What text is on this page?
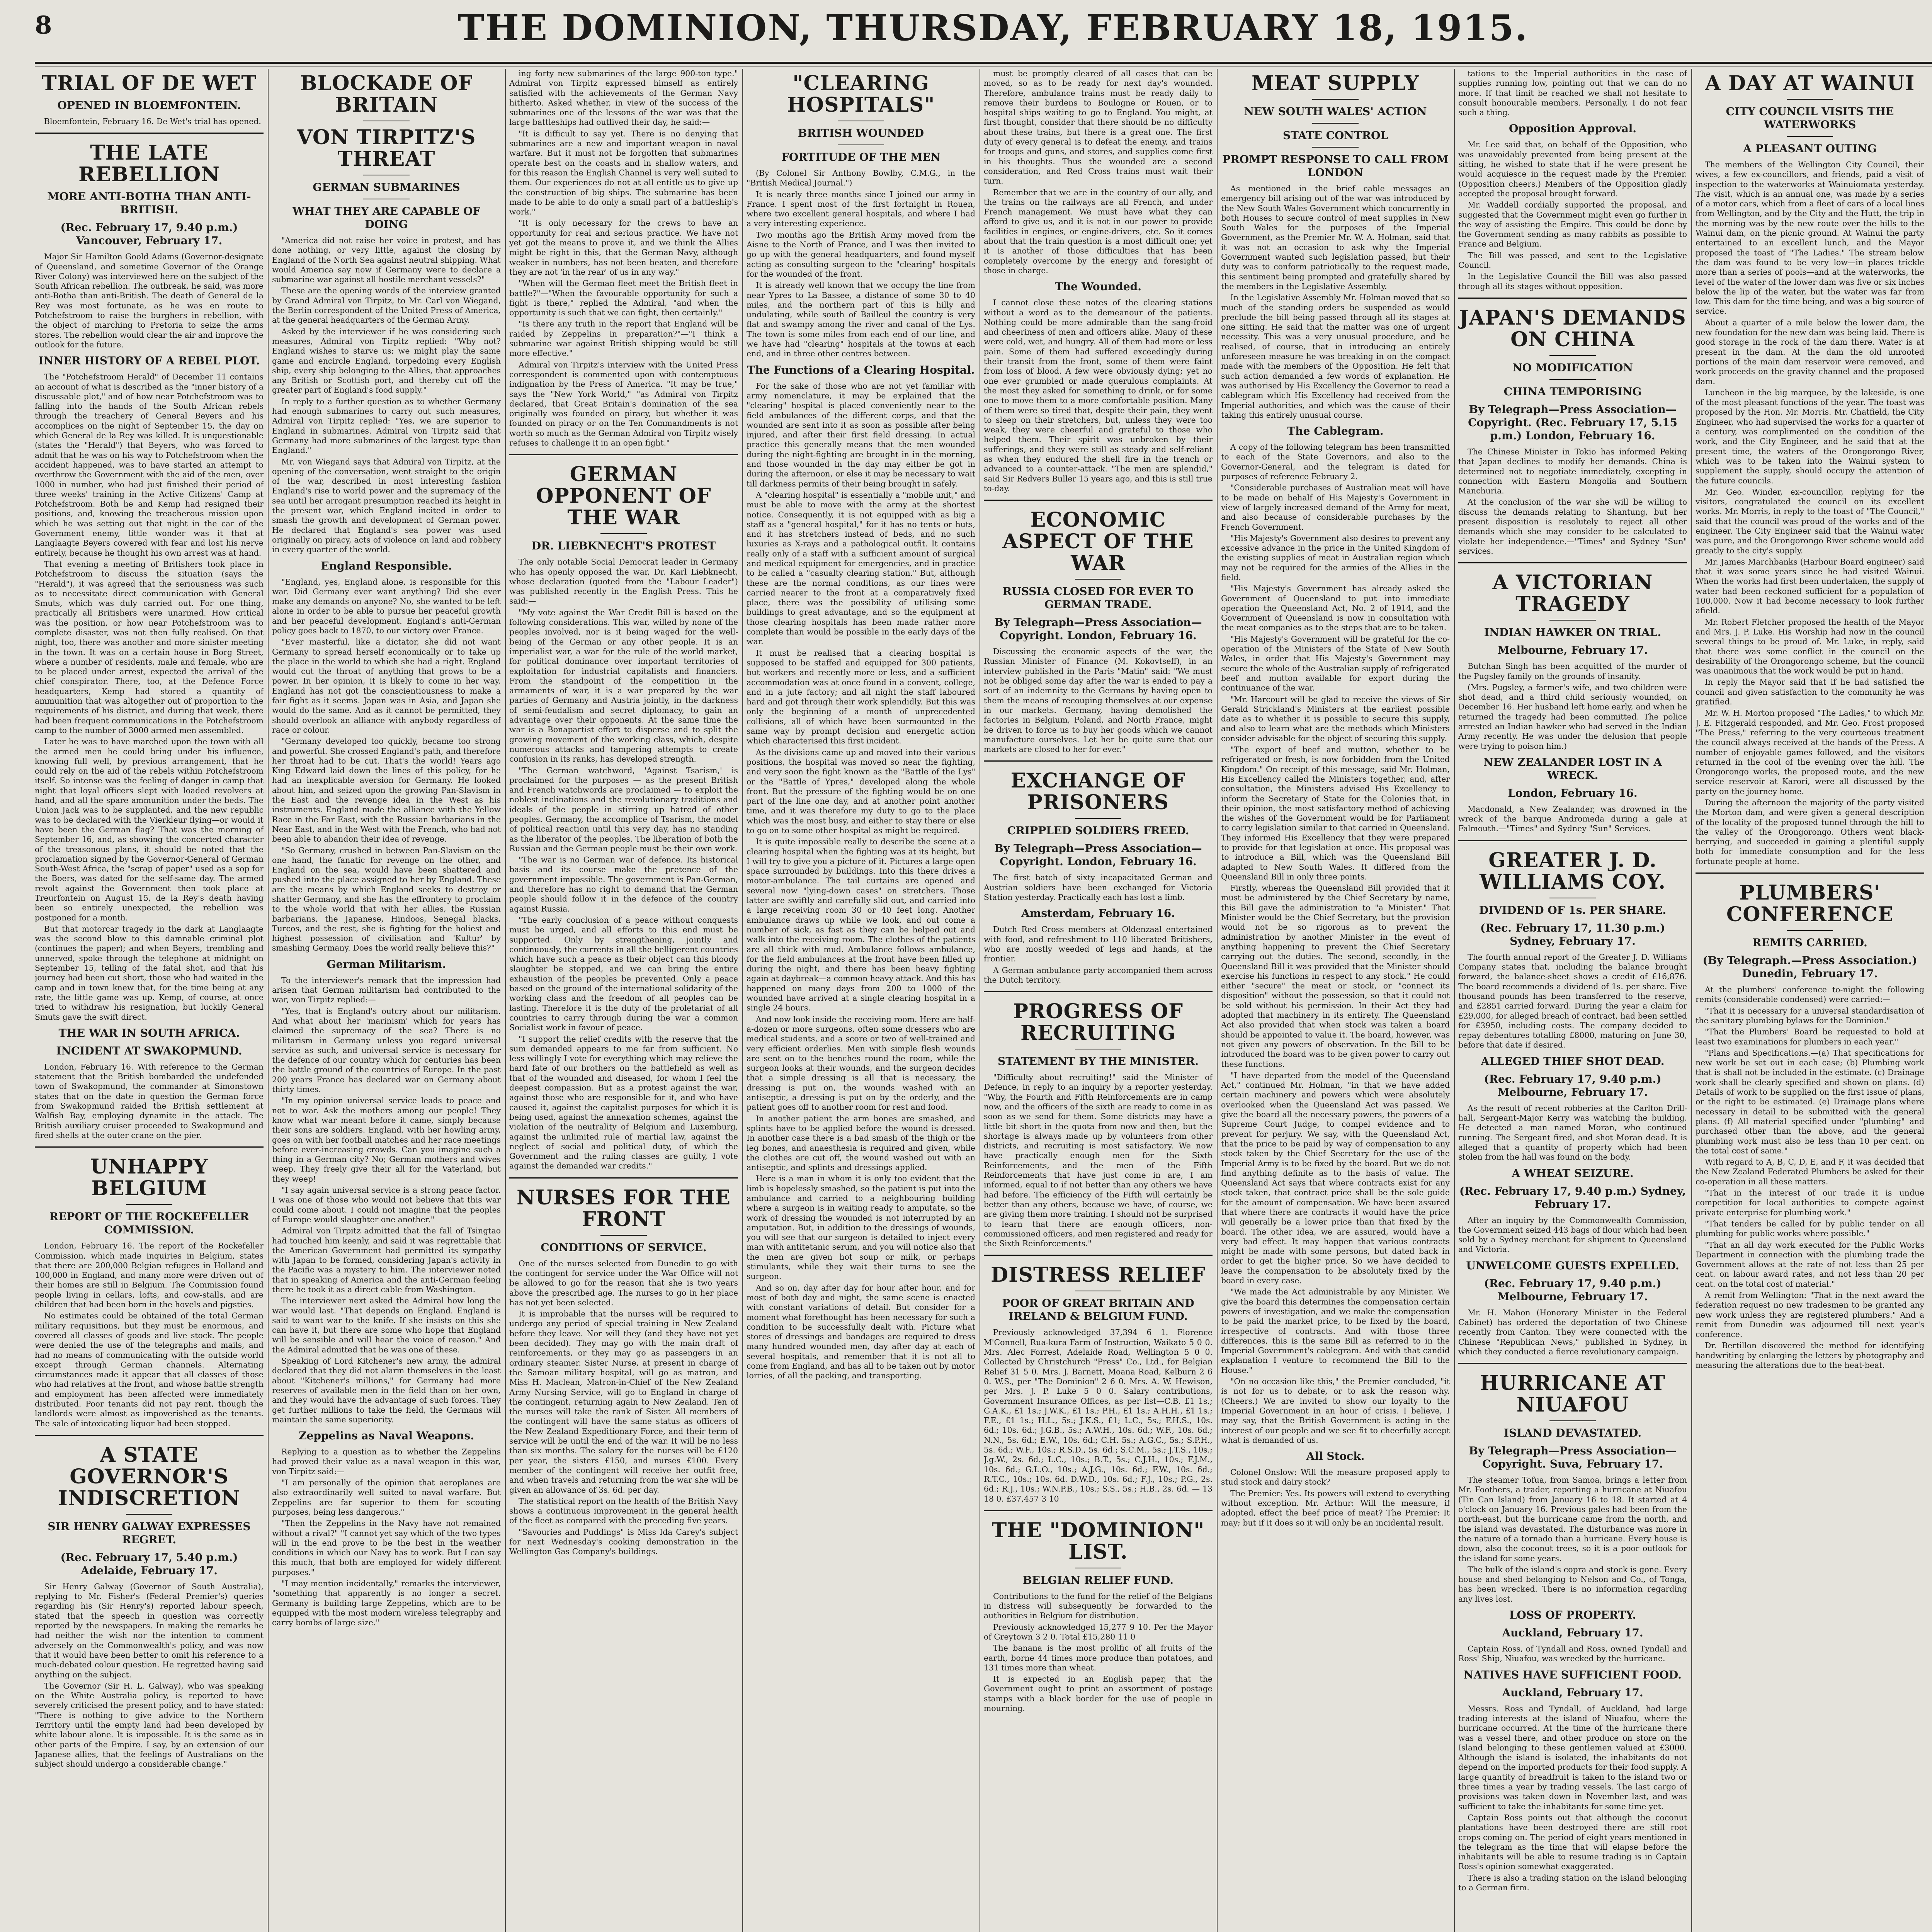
8	THE DOMINION, THURSDAY, FEBRUARY 18, 1915.
TRIAL OF DE WET
OPENED IN BLOEMFONTEIN.
Bloemfontein, February 16. De Wet's trial has opened.
THE LATE REBELLION
MORE ANTI-BOTHA THAN ANTI-BRITISH.
(Rec. February 17, 9.40 p.m.) Vancouver, February 17.
Major Sir Hamilton Goold Adams (Governor-designate of Queensland, and sometime Governor of the Orange River Colony) was interviewed here on the subject of the South African rebellion. The outbreak, he said, was more anti-Botha than anti-British. The death of General de la Rey was most fortunate, as he was en route to Potchefstroom to raise the burghers in rebellion, with the object of marching to Pretoria to seize the arms stores. The rebellion would clear the air and improve the outlook for the future.
INNER HISTORY OF A REBEL PLOT.
The "Potchefstroom Herald" of December 11 contains an account of what is described as the "inner history of a discussable plot," and of how near Potchefstroom was to falling into the hands of the South African rebels through the treachery of General Beyers and his accomplices on the night of September 15, the day on which General de la Rey was killed. It is unquestionable (states the "Herald") that Beyers, who was forced to admit that he was on his way to Potchefstroom when the accident happened, was to have started an attempt to overthrow the Government with the aid of the men, over 1000 in number, who had just finished their period of three weeks' training in the Active Citizens' Camp at Potchefstroom. Both he and Kemp had resigned their positions, and, knowing the treacherous mission upon which he was setting out that night in the car of the Government enemy, little wonder was it that at Langlaagte Beyers cowered with fear and lost his nerve entirely, because he thought his own arrest was at hand.
That evening a meeting of Britishers took place in Potchefstroom to discuss the situation (says the "Herald"), it was agreed that the seriousness was such as to necessitate direct communication with General Smuts, which was duly carried out. For one thing, practically all Britishers were unarmed. How critical was the position, or how near Potchefstroom was to complete disaster, was not then fully realised. On that night, too, there was another and more sinister meeting in the town. It was on a certain house in Borg Street, where a number of residents, male and female, who are to be placed under arrest, expected the arrival of the chief conspirator. There, too, at the Defence Force headquarters, Kemp had stored a quantity of ammunition that was altogether out of proportion to the requirements of his district, and during that week, there had been frequent communications in the Potchefstroom camp to the number of 3000 armed men assembled.
Later he was to have marched upon the town with all the armed men he could bring under his influence, knowing full well, by previous arrangement, that he could rely on the aid of the rebels within Potchefstroom itself. So intense was the feeling of danger in camp that night that loyal officers slept with loaded revolvers at hand, and all the spare ammunition under the beds. The Union Jack was to be supplanted, and the new republic was to be declared with the Vierkleur flying—or would it have been the German flag? That was the morning of September 16, and, as showing the concerted character of the treasonous plans, it should be noted that the proclamation signed by the Governor-General of German South-West Africa, the "scrap of paper" used as a sop for the Boers, was dated for the self-same day. The armed revolt against the Government then took place at Treurfontein on August 15, de la Rey's death having been so entirely unexpected, the rebellion was postponed for a month.
But that motorcar tragedy in the dark at Langlaagte was the second blow to this damnable criminal plot (continues the paper); and when Beyers, trembling and unnerved, spoke through the telephone at midnight on September 15, telling of the fatal shot, and that his journey had been cut short, those who had waited in the camp and in town knew that, for the time being at any rate, the little game was up. Kemp, of course, at once tried to withdraw his resignation, but luckily General Smuts gave the swift direct.
THE WAR IN SOUTH AFRICA.
INCIDENT AT SWAKOPMUND.
London, February 16. With reference to the German statement that the British bombarded the undefended town of Swakopmund, the commander at Simonstown states that on the date in question the German force from Swakopmund raided the British settlement at Walfish Bay, employing dynamite in the attack. The British auxiliary cruiser proceeded to Swakopmund and fired shells at the outer crane on the pier.
UNHAPPY BELGIUM
REPORT OF THE ROCKEFELLER COMMISSION.
London, February 16. The report of the Rockefeller Commission, which made inquiries in Belgium, states that there are 200,000 Belgian refugees in Holland and 100,000 in England, and many more were driven out of their homes are still in Belgium. The Commission found people living in cellars, lofts, and cow-stalls, and are children that had been born in the hovels and pigsties.
No estimates could be obtained of the total German military requisitions, but they must be enormous, and covered all classes of goods and live stock. The people were denied the use of the telegraphs and mails, and had no means of communicating with the outside world except through German channels. Alternating circumstances made it appear that all classes of those who had relatives at the front, and whose battle strength and employment has been affected were immediately distributed. Poor tenants did not pay rent, though the landlords were almost as impoverished as the tenants. The sale of intoxicating liquor had been stopped.
A STATE GOVERNOR'S INDISCRETION
SIR HENRY GALWAY EXPRESSES REGRET.
(Rec. February 17, 5.40 p.m.) Adelaide, February 17.
Sir Henry Galway (Governor of South Australia), replying to Mr. Fisher's (Federal Premier's) queries regarding his (Sir Henry's) reported labour speech, stated that the speech in question was correctly reported by the newspapers. In making the remarks he had neither the wish nor the intention to comment adversely on the Commonwealth's policy, and was now that it would have been better to omit his reference to a much-debated colour question. He regretted having said anything on the subject.
The Governor (Sir H. L. Galway), who was speaking on the White Australia policy, is reported to have severely criticised the present policy, and to have stated: "There is nothing to give advice to the Northern Territory until the empty land had been developed by white labour alone. It is impossible. It is the same as in other parts of the Empire. I say, by an extension of our Japanese allies, that the feelings of Australians on the subject should undergo a considerable change."
BLOCKADE OF BRITAIN
VON TIRPITZ'S THREAT
GERMAN SUBMARINES
WHAT THEY ARE CAPABLE OF DOING
"America did not raise her voice in protest, and has done nothing, or very little, against the closing by England of the North Sea against neutral shipping. What would America say now if Germany were to declare a submarine war against all hostile merchant vessels?"
These are the opening words of the interview granted by Grand Admiral von Tirpitz, to Mr. Carl von Wiegand, the Berlin correspondent of the United Press of America, at the general headquarters of the German Army.
Asked by the interviewer if he was considering such measures, Admiral von Tirpitz replied: "Why not? England wishes to starve us; we might play the same game and encircle England, torpedoing every English ship, every ship belonging to the Allies, that approaches any British or Scottish port, and thereby cut off the greater part of England's food supply."
In reply to a further question as to whether Germany had enough submarines to carry out such measures, Admiral von Tirpitz replied: "Yes, we are superior to England in submarines. Admiral von Tirpitz said that Germany had more submarines of the largest type than England."
Mr. von Wiegand says that Admiral von Tirpitz, at the opening of the conversation, went straight to the origin of the war, described in most interesting fashion England's rise to world power and the supremacy of the sea until her arrogant presumption reached its height in the present war, which England incited in order to smash the growth and development of German power. He declared that England's sea power was used originally on piracy, acts of violence on land and robbery in every quarter of the world.
England Responsible.
"England, yes, England alone, is responsible for this war. Did Germany ever want anything? Did she ever make any demands on anyone? No, she wanted to be left alone in order to be able to pursue her peaceful growth and her peaceful development. England's anti-German policy goes back to 1870, to our victory over France.
"Ever masterful, like a dictator, she did not want Germany to spread herself economically or to take up the place in the world to which she had a right. England would cut the throat of anything that grows to be a power. In her opinion, it is likely to come in her way. England has not got the conscientiousness to make a fair fight as it seems. Japan was in Asia, and Japan she would do the same. And as it cannot be permitted, they should overlook an alliance with anybody regardless of race or colour.
"Germany developed too quickly, became too strong and powerful. She crossed England's path, and therefore her throat had to be cut. That's the world! Years ago King Edward laid down the lines of this policy, for he had an inexplicable aversion for Germany. He looked about him, and seized upon the growing Pan-Slavism in the East and the revenge idea in the West as his instruments. England made the alliance with the Yellow Race in the Far East, with the Russian barbarians in the Near East, and in the West with the French, who had not been able to abandon their idea of revenge.
"So Germany, crushed in between Pan-Slavism on the one hand, the fanatic for revenge on the other, and England on the sea, would have been shattered and pushed into the place assigned to her by England. These are the means by which England seeks to destroy or shatter Germany, and she has the effrontery to proclaim to the whole world that with her allies, the Russian barbarians, the Japanese, Hindoos, Senegal blacks, Turcos, and the rest, she is fighting for the holiest and highest possession of civilisation and 'Kultur' by smashing Germany. Does the world really believe this?"
German Militarism.
To the interviewer's remark that the impression had arisen that German militarism had contributed to the war, von Tirpitz replied:—
"Yes, that is England's outcry about our militarism. And what about her 'marinism' which for years has claimed the supremacy of the sea? There is no militarism in Germany unless you regard universal service as such, and universal service is necessary for the defence of our country which for centuries has been the battle ground of the countries of Europe. In the past 200 years France has declared war on Germany about thirty times.
"In my opinion universal service leads to peace and not to war. Ask the mothers among our people! They know what war meant before it came, simply because their sons are soldiers. England, with her howling army, goes on with her football matches and her race meetings before ever-increasing crowds. Can you imagine such a thing in a German city? No; German mothers and wives weep. They freely give their all for the Vaterland, but they weep!
"I say again universal service is a strong peace factor. I was one of those who would not believe that this war could come about. I could not imagine that the peoples of Europe would slaughter one another."
Admiral von Tirpitz admitted that the fall of Tsingtao had touched him keenly, and said it was regrettable that the American Government had permitted its sympathy with Japan to be formed, considering Japan's activity in the Pacific was a mystery to him. The interviewer noted that in speaking of America and the anti-German feeling there he took it as a direct cable from Washington.
The interviewer next asked the Admiral how long the war would last. "That depends on England. England is said to want war to the knife. If she insists on this she can have it, but there are some who hope that England will be sensible and will hear the voice of reason." And the Admiral admitted that he was one of these.
Speaking of Lord Kitchener's new army, the admiral declared that they did not alarm themselves in the least about "Kitchener's millions," for Germany had more reserves of available men in the field than on her own, and they would have the advantage of such forces. They get further millions to take the field, the Germans will maintain the same superiority.
Zeppelins as Naval Weapons.
Replying to a question as to whether the Zeppelins had proved their value as a naval weapon in this war, von Tirpitz said:—
"I am personally of the opinion that aeroplanes are also extraordinarily well suited to naval warfare. But Zeppelins are far superior to them for scouting purposes, being less dangerous."
"Then the Zeppelins in the Navy have not remained without a rival?" "I cannot yet say which of the two types will in the end prove to be the best in the weather conditions in which our Navy has to work. But I can say this much, that both are employed for widely different purposes."
"I may mention incidentally," remarks the interviewer, "something that apparently is no longer a secret. Germany is building large Zeppelins, which are to be equipped with the most modern wireless telegraphy and carry bombs of large size."
ing forty new submarines of the large 900-ton type." Admiral von Tirpitz expressed himself as entirely satisfied with the achievements of the German Navy hitherto. Asked whether, in view of the success of the submarines one of the lessons of the war was that the large battleships had outlived their day, he said:—
"It is difficult to say yet. There is no denying that submarines are a new and important weapon in naval warfare. But it must not be forgotten that submarines operate best on the coasts and in shallow waters, and for this reason the English Channel is very well suited to them. Our experiences do not at all entitle us to give up the construction of big ships. The submarine has been made to be able to do only a small part of a battleship's work."
"It is only necessary for the crews to have an opportunity for real and serious practice. We have not yet got the means to prove it, and we think the Allies might be right in this, that the German Navy, although weaker in numbers, has not been beaten, and therefore they are not 'in the rear' of us in any way."
"When will the German fleet meet the British fleet in battle?"—"When the favourable opportunity for such a fight is there," replied the Admiral, "and when the opportunity is such that we can fight, then certainly."
"Is there any truth in the report that England will be raided by Zeppelins in preparation?"—"I think a submarine war against British shipping would be still more effective."
Admiral von Tirpitz's interview with the United Press correspondent is commented upon with contemptuous indignation by the Press of America. "It may be true," says the "New York World," "as Admiral von Tirpitz declared, that Great Britain's domination of the sea originally was founded on piracy, but whether it was founded on piracy or on the Ten Commandments is not worth so much as the German Admiral von Tirpitz wisely refuses to challenge it in an open fight."
GERMAN OPPONENT OF THE WAR
DR. LIEBKNECHT'S PROTEST
The only notable Social Democrat leader in Germany who has openly opposed the war, Dr. Karl Liebknecht, whose declaration (quoted from the "Labour Leader") was published recently in the English Press. This he said:—
"My vote against the War Credit Bill is based on the following considerations. This war, willed by none of the peoples involved, nor is it being waged for the well-being of the German or any other people. It is an imperialist war, a war for the rule of the world market, for political dominance over important territories of exploitation for industrial capitalists and financiers. From the standpoint of the competition in the armaments of war, it is a war prepared by the war parties of Germany and Austria jointly, in the darkness of semi-feudalism and secret diplomacy, to gain an advantage over their opponents. At the same time the war is a Bonapartist effort to disperse and to split the growing movement of the working class, which, despite numerous attacks and tampering attempts to create confusion in its ranks, has developed strength.
"The German watchword, 'Against Tsarism,' is proclaimed for the purposes — as the present British and French watchwords are proclaimed — to exploit the noblest inclinations and the revolutionary traditions and ideals of the people in stirring up hatred of other peoples. Germany, the accomplice of Tsarism, the model of political reaction until this very day, has no standing as the liberator of the peoples. The liberation of both the Russian and the German people must be their own work.
"The war is no German war of defence. Its historical basis and its course make the pretence of the government impossible. The government is Pan-German, and therefore has no right to demand that the German people should follow it in the defence of the country against Russia.
"The early conclusion of a peace without conquests must be urged, and all efforts to this end must be supported. Only by strengthening, jointly and continuously, the currents in all the belligerent countries which have such a peace as their object can this bloody slaughter be stopped, and we can bring the entire exhaustion of the peoples be prevented. Only a peace based on the ground of the international solidarity of the working class and the freedom of all peoples can be lasting. Therefore it is the duty of the proletariat of all countries to carry through during the war a common Socialist work in favour of peace.
"I support the relief credits with the reserve that the sum demanded appears to me far from sufficient. No less willingly I vote for everything which may relieve the hard fate of our brothers on the battlefield as well as that of the wounded and diseased, for whom I feel the deepest compassion. But as a protest against the war, against those who are responsible for it, and who have caused it, against the capitalist purposes for which it is being used, against the annexation schemes, against the violation of the neutrality of Belgium and Luxemburg, against the unlimited rule of martial law, against the neglect of social and political duty, of which the Government and the ruling classes are guilty, I vote against the demanded war credits."
NURSES FOR THE FRONT
CONDITIONS OF SERVICE.
One of the nurses selected from Dunedin to go with the contingent for service under the War Office will not be allowed to go for the reason that she is two years above the prescribed age. The nurses to go in her place has not yet been selected.
It is improbable that the nurses will be required to undergo any period of special training in New Zealand before they leave. Nor will they (and they have not yet been decided). They may go with the main draft of reinforcements, or they may go as passengers in an ordinary steamer. Sister Nurse, at present in charge of the Samoan military hospital, will go as matron, and Miss H. Maclean, Matron-in-Chief of the New Zealand Army Nursing Service, will go to England in charge of the contingent, returning again to New Zealand. Ten of the nurses will take the rank of Sister. All members of the contingent will have the same status as officers of the New Zealand Expeditionary Force, and their term of service will be until the end of the war. It will be no less than six months. The salary for the nurses will be £120 per year, the sisters £150, and nurses £100. Every member of the contingent will receive her outfit free, and when travels and returning from the war she will be given an allowance of 3s. 6d. per day.
The statistical report on the health of the British Navy shows a continuous improvement in the general health of the fleet as compared with the preceding five years.
"Savouries and Puddings" is Miss Ida Carey's subject for next Wednesday's cooking demonstration in the Wellington Gas Company's buildings.
"CLEARING HOSPITALS"
BRITISH WOUNDED
FORTITUDE OF THE MEN
(By Colonel Sir Anthony Bowlby, C.M.G., in the "British Medical Journal.")
It is nearly three months since I joined our army in France. I spent most of the first fortnight in Rouen, where two excellent general hospitals, and where I had a very interesting experience.
Two months ago the British Army moved from the Aisne to the North of France, and I was then invited to go up with the general headquarters, and found myself acting as consulting surgeon to the "clearing" hospitals for the wounded of the front.
It is already well known that we occupy the line from near Ypres to La Bassee, a distance of some 30 to 40 miles, and the northern part of this is hilly and undulating, while south of Bailleul the country is very flat and swampy among the river and canal of the Lys. The town is some miles from each end of our line, and we have had "clearing" hospitals at the towns at each end, and in three other centres between.
The Functions of a Clearing Hospital.
For the sake of those who are not yet familiar with army nomenclature, it may be explained that the "clearing" hospital is placed conveniently near to the field ambulances of the different corps, and that the wounded are sent into it as soon as possible after being injured, and after their first field dressing. In actual practice this generally means that the men wounded during the night-fighting are brought in in the morning, and those wounded in the day may either be got in during the afternoon, or else it may be necessary to wait till darkness permits of their being brought in safely.
A "clearing hospital" is essentially a "mobile unit," and must be able to move with the army at the shortest notice. Consequently, it is not equipped with as big a staff as a "general hospital," for it has no tents or huts, and it has stretchers instead of beds, and no such luxuries as X-rays and a pathological outfit. It contains really only of a staff with a sufficient amount of surgical and medical equipment for emergencies, and in practice to be called a "casualty clearing station." But, although these are the normal conditions, as our lines were carried nearer to the front at a comparatively fixed place, there was the possibility of utilising some buildings to great advantage, and so the equipment at those clearing hospitals has been made rather more complete than would be possible in the early days of the war.
It must be realised that a clearing hospital is supposed to be staffed and equipped for 300 patients, but workers and recently more or less, and a sufficient accommodation was at once found in a convent, college, and in a jute factory; and all night the staff laboured hard and got through their work splendidly. But this was only the beginning of a month of unprecedented collisions, all of which have been surmounted in the same way by prompt decision and energetic action which characterised this first incident.
As the divisions came up and moved into their various positions, the hospital was moved so near the fighting, and very soon the fight known as the "Battle of the Lys" or the "Battle of Ypres," developed along the whole front. But the pressure of the fighting would be on one part of the line one day, and at another point another time, and it was therefore my duty to go to the place which was the most busy, and either to stay there or else to go on to some other hospital as might be required.
It is quite impossible really to describe the scene at a clearing hospital when the fighting was at its height, but I will try to give you a picture of it. Pictures a large open space surrounded by buildings. Into this there drives a motor-ambulance. The tail curtains are opened and several now "lying-down cases" on stretchers. Those latter are swiftly and carefully slid out, and carried into a large receiving room 30 or 40 feet long. Another ambulance draws up while we look, and out come a number of sick, as fast as they can be helped out and walk into the receiving room. The clothes of the patients are all thick with mud. Ambulance follows ambulance, for the field ambulances at the front have been filled up during the night, and there has been heavy fighting again at daybreak—a common heavy attack. And this has happened on many days from 200 to 1000 of the wounded have arrived at a single clearing hospital in a single 24 hours.
And now look inside the receiving room. Here are half-a-dozen or more surgeons, often some dressers who are medical students, and a score or two of well-trained and very efficient orderlies. Men with simple flesh wounds are sent on to the benches round the room, while the surgeon looks at their wounds, and the surgeon decides that a simple dressing is all that is necessary, the dressing is put on, the wounds washed with an antiseptic, a dressing is put on by the orderly, and the patient goes off to another room for rest and food.
In another patient the arm bones are smashed, and splints have to be applied before the wound is dressed. In another case there is a bad smash of the thigh or the leg bones, and anaesthesia is required and given, while the clothes are cut off, the wound washed out with an antiseptic, and splints and dressings applied.
Here is a man in whom it is only too evident that the limb is hopelessly smashed, so the patient is put into the ambulance and carried to a neighbouring building where a surgeon is in waiting ready to amputate, so the work of dressing the wounded is not interrupted by an amputation. But, in addition to the dressings of wounds, you will see that our surgeon is detailed to inject every man with antitetanic serum, and you will notice also that the men are given hot soup or milk, or perhaps stimulants, while they wait their turns to see the surgeon.
And so on, day after day for hour after hour, and for most of both day and night, the same scene is enacted with constant variations of detail. But consider for a moment what forethought has been necessary for such a condition to be successfully dealt with. Picture what stores of dressings and bandages are required to dress many hundred wounded men, day after day at each of several hospitals, and remember that it is not all to come from England, and has all to be taken out by motor lorries, of all the packing, and transporting.
must be promptly cleared of all cases that can be moved, so as to be ready for next day's wounded. Therefore, ambulance trains must be ready daily to remove their burdens to Boulogne or Rouen, or to hospital ships waiting to go to England. You might, at first thought, consider that there should be no difficulty about these trains, but there is a great one. The first duty of every general is to defeat the enemy, and trains for troops and guns, and stores, and supplies come first in his thoughts. Thus the wounded are a second consideration, and Red Cross trains must wait their turn.
Remember that we are in the country of our ally, and the trains on the railways are all French, and under French management. We must have what they can afford to give us, and it is not in our power to provide facilities in engines, or engine-drivers, etc. So it comes about that the train question is a most difficult one; yet it is another of those difficulties that has been completely overcome by the energy and foresight of those in charge.
The Wounded.
I cannot close these notes of the clearing stations without a word as to the demeanour of the patients. Nothing could be more admirable than the sang-froid and cheeriness of men and officers alike. Many of these were cold, wet, and hungry. All of them had more or less pain. Some of them had suffered exceedingly during their transit from the front, some of them were faint from loss of blood. A few were obviously dying; yet no one ever grumbled or made querulous complaints. At the most they asked for something to drink, or for some one to move them to a more comfortable position. Many of them were so tired that, despite their pain, they went to sleep on their stretchers, but, unless they were too weak, they were cheerful and grateful to those who helped them. Their spirit was unbroken by their sufferings, and they were still as steady and self-reliant as when they endured the shell fire in the trench or advanced to a counter-attack. "The men are splendid," said Sir Redvers Buller 15 years ago, and this is still true to-day.
ECONOMIC ASPECT OF THE WAR
RUSSIA CLOSED FOR EVER TO GERMAN TRADE.
By Telegraph—Press Association—Copyright. London, February 16.
Discussing the economic aspects of the war, the Russian Minister of Finance (M. Kokovtseff), in an interview published in the Paris "Matin" said: "We must not be obliged some day after the war is ended to pay a sort of an indemnity to the Germans by having open to them the means of recouping themselves at our expense in our markets. Germany, having demolished the factories in Belgium, Poland, and North France, might be driven to force us to buy her goods which we cannot manufacture ourselves. Let her be quite sure that our markets are closed to her for ever."
EXCHANGE OF PRISONERS
CRIPPLED SOLDIERS FREED.
By Telegraph—Press Association—Copyright. London, February 16.
The first batch of sixty incapacitated German and Austrian soldiers have been exchanged for Victoria Station yesterday. Practically each has lost a limb.
Amsterdam, February 16.
Dutch Red Cross members at Oldenzaal entertained with food, and refreshment to 110 liberated Britishers, who are mostly weeded of legs and hands, at the frontier.
A German ambulance party accompanied them across the Dutch territory.
PROGRESS OF RECRUITING
STATEMENT BY THE MINISTER.
"Difficulty about recruiting!" said the Minister of Defence, in reply to an inquiry by a reporter yesterday. "Why, the Fourth and Fifth Reinforcements are in camp now, and the officers of the sixth are ready to come in as soon as we send for them. Some districts may have a little bit short in the quota from now and then, but the shortage is always made up by volunteers from other districts, and recruiting is most satisfactory. We now have practically enough men for the Sixth Reinforcements, and the men of the Fifth Reinforcements that have just come in are, I am informed, equal to if not better than any others we have had before. The efficiency of the Fifth will certainly be better than any others, because we have, of course, we are giving them more training. I should not be surprised to learn that there are enough officers, non-commissioned officers, and men registered and ready for the Sixth Reinforcements."
DISTRESS RELIEF
POOR OF GREAT BRITAIN AND IRELAND & BELGIUM FUND.
Previously acknowledged 37,394 6 1. Florence M'Connell, Rua-kura Farm of Instruction, Waikato 5 0 0. Mrs. Alec Forrest, Adelaide Road, Wellington 5 0 0. Collected by Christchurch "Press" Co., Ltd., for Belgian Relief 31 5 0. Mrs. J. Barnett, Moana Road, Kelburn 2 6 0. W.S., per "The Dominion" 2 6 0. Mrs. A. W. Hewison, per Mrs. J. P. Luke 5 0 0. Salary contributions, Government Insurance Offices, as per list—C.B. £1 1s.; G.A.K., £1 1s.; J.W.K., £1 1s.; P.H., £1 1s.; A.H.H., £1 1s.; F.E., £1 1s.; H.L., 5s.; J.K.S., £1; L.C., 5s.; F.H.S., 10s. 6d.; 10s. 6d.; J.G.B., 5s.; A.W.H., 10s. 6d.; W.F., 10s. 6d.; N.N., 5s. 6d.; E.W., 10s. 6d.; C.H. 5s.; A.G.C., 5s.; S.P.H., 5s. 6d.; W.F., 10s.; R.S.D., 5s. 6d.; S.C.M., 5s.; J.T.S., 10s.; J.g.W., 2s. 6d.; L.C., 10s.; B.T., 5s.; C.J.H., 10s.; F.J.M., 10s. 6d.; G.L.O., 10s.; A.J.G., 10s. 6d.; F.W., 10s. 6d.; R.T.C., 10s.; 10s. 6d. D.W.D., 10s. 6d.; F.J., 10s.; P.G., 2s. 6d.; R.J., 10s.; W.N.P.B., 10s.; S.S., 5s.; H.B., 2s. 6d. — 13 18 0. £37,457 3 10
THE "DOMINION" LIST.
BELGIAN RELIEF FUND.
Contributions to the fund for the relief of the Belgians in distress will subsequently be forwarded to the authorities in Belgium for distribution.
Previously acknowledged 15,277 9 10. Per the Mayor of Greytown 3 2 0. Total £15,280 11 0
The banana is the most prolific of all fruits of the earth, borne 44 times more produce than potatoes, and 131 times more than wheat.
It is expected in an English paper, that the Government ought to print an assortment of postage stamps with a black border for the use of people in mourning.
MEAT SUPPLY
NEW SOUTH WALES' ACTION
STATE CONTROL
PROMPT RESPONSE TO CALL FROM LONDON
As mentioned in the brief cable messages an emergency bill arising out of the war was introduced by the New South Wales Government which concurrently in both Houses to secure control of meat supplies in New South Wales for the purposes of the Imperial Government, as the Premier Mr. W. A. Holman, said that it was not an occasion to ask why the Imperial Government wanted such legislation passed, but their duty was to conform patriotically to the request made, this sentiment being prompted and gratefully shared by the members in the Legislative Assembly.
In the Legislative Assembly Mr. Holman moved that so much of the standing orders be suspended as would preclude the bill being passed through all its stages at one sitting. He said that the matter was one of urgent necessity. This was a very unusual procedure, and he realised, of course, that in introducing an entirely unforeseen measure he was breaking in on the compact made with the members of the Opposition. He felt that such action demanded a few words of explanation. He was authorised by His Excellency the Governor to read a cablegram which His Excellency had received from the Imperial authorities, and which was the cause of their taking this entirely unusual course.
The Cablegram.
A copy of the following telegram has been transmitted to each of the State Governors, and also to the Governor-General, and the telegram is dated for purposes of reference February 2.
"Considerable purchases of Australian meat will have to be made on behalf of His Majesty's Government in view of largely increased demand of the Army for meat, and also because of considerable purchases by the French Government.
"His Majesty's Government also desires to prevent any excessive advance in the price in the United Kingdom of the existing supplies of meat in Australian region which may not be required for the armies of the Allies in the field.
"His Majesty's Government has already asked the Government of Queensland to put into immediate operation the Queensland Act, No. 2 of 1914, and the Government of Queensland is now in consultation with the meat companies as to the steps that are to be taken.
"His Majesty's Government will be grateful for the co-operation of the Ministers of the State of New South Wales, in order that His Majesty's Government may secure the whole of the Australian supply of refrigerated beef and mutton available for export during the continuance of the war.
"Mr. Harcourt will be glad to receive the views of Sir Gerald Strickland's Ministers at the earliest possible date as to whether it is possible to secure this supply, and also to learn what are the methods which Ministers consider advisable for the object of securing this supply.
"The export of beef and mutton, whether to be refrigerated or fresh, is now forbidden from the United Kingdom." On receipt of this message, said Mr. Holman, His Excellency called the Ministers together, and, after consultation, the Ministers advised His Excellency to inform the Secretary of State for the Colonies that, in their opinion, the most satisfactory method of achieving the wishes of the Government would be for Parliament to carry legislation similar to that carried in Queensland. They informed His Excellency that they were prepared to provide for that legislation at once. His proposal was to introduce a Bill, which was the Queensland Bill adapted to New South Wales. It differed from the Queensland Bill in only three points.
Firstly, whereas the Queensland Bill provided that it must be administered by the Chief Secretary by name, this Bill gave the administration to "a Minister." That Minister would be the Chief Secretary, but the provision would not be so rigorous as to prevent the administration by another Minister in the event of anything happening to prevent the Chief Secretary carrying out the duties. The second, secondly, in the Queensland Bill it was provided that the Minister should exercise his functions in respect to any stock." He could either "secure" the meat or stock, or "connect its disposition" without the possession, so that it could not be sold without his permission. In their Act they had adopted that machinery in its entirety. The Queensland Act also provided that when stock was taken a board should be appointed to value it. The board, however, was not given any powers of observation. In the Bill to be introduced the board was to be given power to carry out these functions.
"I have departed from the model of the Queensland Act," continued Mr. Holman, "in that we have added certain machinery and powers which were absolutely overlooked when the Queensland Act was passed. We give the board all the necessary powers, the powers of a Supreme Court Judge, to compel evidence and to prevent for perjury. We say, with the Queensland Act, that the price to be paid by way of compensation to any stock taken by the Chief Secretary for the use of the Imperial Army is to be fixed by the board. But we do not find anything definite as to the basis of value. The Queensland Act says that where contracts exist for any stock taken, that contract price shall be the sole guide for the amount of compensation. We have been assured that where there are contracts it would have the price will generally be a lower price than that fixed by the board. The other idea, we are assured, would have a very bad effect. It may happen that various contracts might be made with some persons, but dated back in order to get the higher price. So we have decided to leave the compensation to be absolutely fixed by the board in every case.
"We made the Act administrable by any Minister. We give the board this determines the compensation certain powers of investigation, and we make the compensation to be paid the market price, to be fixed by the board, irrespective of contracts. And with those three differences, this is the same Bill as referred to in the Imperial Government's cablegram. And with that candid explanation I venture to recommend the Bill to the House."
"On no occasion like this," the Premier concluded, "it is not for us to debate, or to ask the reason why. (Cheers.) We are invited to show our loyalty to the Imperial Government in an hour of crisis. I believe, I may say, that the British Government is acting in the interest of our people and we see fit to cheerfully accept what is demanded of us.
All Stock.
Colonel Onslow: Will the measure proposed apply to stud stock and dairy stock?
The Premier: Yes. Its powers will extend to everything without exception. Mr. Arthur: Will the measure, if adopted, effect the beef price of meat? The Premier: It may; but if it does so it will only be an incidental result.
tations to the Imperial authorities in the case of supplies running low, pointing out that we can do no more. If that limit be reached we shall not hesitate to consult honourable members. Personally, I do not fear such a thing.
Opposition Approval.
Mr. Lee said that, on behalf of the Opposition, who was unavoidably prevented from being present at the sitting, he wished to state that if he were present he would acquiesce in the request made by the Premier. (Opposition cheers.) Members of the Opposition gladly accepted the proposal brought forward.
Mr. Waddell cordially supported the proposal, and suggested that the Government might even go further in the way of assisting the Empire. This could be done by the Government sending as many rabbits as possible to France and Belgium.
The Bill was passed, and sent to the Legislative Council.
In the Legislative Council the Bill was also passed through all its stages without opposition.
JAPAN'S DEMANDS ON CHINA
NO MODIFICATION
CHINA TEMPORISING
By Telegraph—Press Association—Copyright. (Rec. February 17, 5.15 p.m.) London, February 16.
The Chinese Minister in Tokio has informed Peking that Japan declines to modify her demands. China is determined not to negotiate immediately, excepting in connection with Eastern Mongolia and Southern Manchuria.
At the conclusion of the war she will be willing to discuss the demands relating to Shantung, but her present disposition is resolutely to reject all other demands which she may consider to be calculated to violate her independence.—"Times" and Sydney "Sun" services.
A VICTORIAN TRAGEDY
INDIAN HAWKER ON TRIAL.
Melbourne, February 17.
Butchan Singh has been acquitted of the murder of the Pugsley family on the grounds of insanity.
(Mrs. Pugsley, a farmer's wife, and two children were shot dead, and a third child seriously wounded, on December 16. Her husband left home early, and when he returned the tragedy had been committed. The police arrested an Indian hawker who had served in the Indian Army recently. He was under the delusion that people were trying to poison him.)
NEW ZEALANDER LOST IN A WRECK.
London, February 16.
Macdonald, a New Zealander, was drowned in the wreck of the barque Andromeda during a gale at Falmouth.—"Times" and Sydney "Sun" Services.
GREATER J. D. WILLIAMS COY.
DIVIDEND OF 1s. PER SHARE.
(Rec. February 17, 11.30 p.m.) Sydney, February 17.
The fourth annual report of the Greater J. D. Williams Company states that, including the balance brought forward, the balance-sheet shows a credit of £16,876. The board recommends a dividend of 1s. per share. Five thousand pounds has been transferred to the reserve, and £2851 carried forward. During the year a claim for £29,000, for alleged breach of contract, had been settled for £3950, including costs. The company decided to repay debentures totalling £8000, maturing on June 30, before that date if desired.
ALLEGED THIEF SHOT DEAD.
(Rec. February 17, 9.40 p.m.) Melbourne, February 17.
As the result of recent robberies at the Carlton Drill-hall, Sergeant-Major Kerry was watching the building. He detected a man named Moran, who continued running. The Sergeant fired, and shot Moran dead. It is alleged that a quantity of property which had been stolen from the hall was found on the body.
A WHEAT SEIZURE.
(Rec. February 17, 9.40 p.m.) Sydney, February 17.
After an inquiry by the Commonwealth Commission, the Government seized 443 bags of flour which had been sold by a Sydney merchant for shipment to Queensland and Victoria.
UNWELCOME GUESTS EXPELLED.
(Rec. February 17, 9.40 p.m.) Melbourne, February 17.
Mr. H. Mahon (Honorary Minister in the Federal Cabinet) has ordered the deportation of two Chinese recently from Canton. They were connected with the Chinese "Republican News," published in Sydney, in which they conducted a fierce revolutionary campaign.
HURRICANE AT NIUAFOU
ISLAND DEVASTATED.
By Telegraph—Press Association—Copyright. Suva, February 17.
The steamer Tofua, from Samoa, brings a letter from Mr. Foothers, a trader, reporting a hurricane at Niuafou (Tin Can Island) from January 16 to 18. It started at 4 o'clock on January 16. Previous gales had been from the north-east, but the hurricane came from the north, and the island was devastated. The disturbance was more in the nature of a tornado than a hurricane. Every house is down, also the coconut trees, so it is a poor outlook for the island for some years.
The bulk of the island's copra and stock is gone. Every house and shed belonging to Nelson and Co., of Tonga, has been wrecked. There is no information regarding any lives lost.
LOSS OF PROPERTY.
Auckland, February 17.
Captain Ross, of Tyndall and Ross, owned Tyndall and Ross' Ship, Niuafou, was wrecked by the hurricane.
NATIVES HAVE SUFFICIENT FOOD.
Auckland, February 17.
Messrs. Ross and Tyndall, of Auckland, had large trading interests at the island of Niuafou, where the hurricane occurred. At the time of the hurricane there was a vessel there, and other produce on store on the Island belonging to these gentlemen valued at £3000. Although the island is isolated, the inhabitants do not depend on the imported products for their food supply. A large quantity of breadfruit is taken to the island two or three times a year by trading vessels. The last cargo of provisions was taken down in November last, and was sufficient to take the inhabitants for some time yet.
Captain Ross points out that although the coconut plantations have been destroyed there are still root crops coming on. The period of eight years mentioned in the telegram as the time that will elapse before the inhabitants will be able to resume trading is in Captain Ross's opinion somewhat exaggerated.
There is also a trading station on the island belonging to a German firm.
A DAY AT WAINUI
CITY COUNCIL VISITS THE WATERWORKS
A PLEASANT OUTING
The members of the Wellington City Council, their wives, a few ex-councillors, and friends, paid a visit of inspection to the waterworks at Wainuiomata yesterday. The visit, which is an annual one, was made by a series of a motor cars, which from a fleet of cars of a local lines from Wellington, and by the City and the Hutt, the trip in the morning was by the new route over the hills to the Wainui dam, on the picnic ground. At Wainui the party entertained to an excellent lunch, and the Mayor proposed the toast of "The Ladies." The stream below the dam was found to be very low—in places trickle more than a series of pools—and at the waterworks, the level of the water of the lower dam was five or six inches below the lip of the water, but the water was far from low. This dam for the time being, and was a big source of service.
About a quarter of a mile below the lower dam, the new foundation for the new dam was being laid. There is good storage in the rock of the dam there. Water is at present in the dam. At the dam the old unrooted portions of the main dam reservoir were removed, and work proceeds on the gravity channel and the proposed dam.
Luncheon in the big marquee, by the lakeside, is one of the most pleasant functions of the year. The toast was proposed by the Hon. Mr. Morris. Mr. Chatfield, the City Engineer, who had supervised the works for a quarter of a century, was complimented on the condition of the work, and the City Engineer, and he said that at the present time, the waters of the Orongorongo River, which was to be taken into the Wainui system to supplement the supply, should occupy the attention of the future councils.
Mr. Geo. Winder, ex-councillor, replying for the visitors, congratulated the council on its excellent works. Mr. Morris, in reply to the toast of "The Council," said that the council was proud of the works and of the engineer. The City Engineer said that the Wainui water was pure, and the Orongorongo River scheme would add greatly to the city's supply.
Mr. James Marchbanks (Harbour Board engineer) said that it was some years since he had visited Wainui. When the works had first been undertaken, the supply of water had been reckoned sufficient for a population of 100,000. Now it had become necessary to look further afield.
Mr. Robert Fletcher proposed the health of the Mayor and Mrs. J. P. Luke. His Worship had now in the council several things to be proud of. Mr. Luke, in reply, said that there was some conflict in the council on the desirability of the Orongorongo scheme, but the council was unanimous that the work would be put in hand.
In reply the Mayor said that if he had satisfied the council and given satisfaction to the community he was gratified.
Mr. W. H. Morton proposed "The Ladies," to which Mr. J. E. Fitzgerald responded, and Mr. Geo. Frost proposed "The Press," referring to the very courteous treatment the council always received at the hands of the Press. A number of enjoyable games followed, and the visitors returned in the cool of the evening over the hill. The Orongorongo works, the proposed route, and the new service reservoir at Karori, were all discussed by the party on the journey home.
During the afternoon the majority of the party visited the Morton dam, and were given a general description of the locality of the proposed tunnel through the hill to the valley of the Orongorongo. Others went black-berrying, and succeeded in gaining a plentiful supply both for immediate consumption and for the less fortunate people at home.
PLUMBERS' CONFERENCE
REMITS CARRIED.
(By Telegraph.—Press Association.) Dunedin, February 17.
At the plumbers' conference to-night the following remits (considerable condensed) were carried:—
"That it is necessary for a universal standardisation of the sanitary plumbing bylaws for the Dominion."
"That the Plumbers' Board be requested to hold at least two examinations for plumbers in each year."
"Plans and Specifications.—(a) That specifications for new work be set out in each case; (b) Plumbing work that is shall not be included in the estimate. (c) Drainage work shall be clearly specified and shown on plans. (d) Details of work to be supplied on the first issue of plans, or the right to be estimated. (e) Drainage plans where necessary in detail to be submitted with the general plans. (f) All material specified under "plumbing" and purchased other than the above, and the general plumbing work must also be less than 10 per cent. on the total cost of same."
With regard to A, B, C, D, E, and F, it was decided that the New Zealand Federated Plumbers be asked for their co-operation in all these matters.
"That in the interest of our trade it is undue competition for local authorities to compete against private enterprise for plumbing work."
"That tenders be called for by public tender on all plumbing for public works where possible."
"That an all day work executed for the Public Works Department in connection with the plumbing trade the Government allows at the rate of not less than 25 per cent. on labour award rates, and not less than 20 per cent. on the total cost of material."
A remit from Wellington: "That in the next award the federation request no new tradesmen to be granted any new work unless they are registered plumbers." And a remit from Dunedin was adjourned till next year's conference.
Dr. Bertillon discovered the method for identifying handwriting by enlarging the letters by photography and measuring the alterations due to the heat-beat.
